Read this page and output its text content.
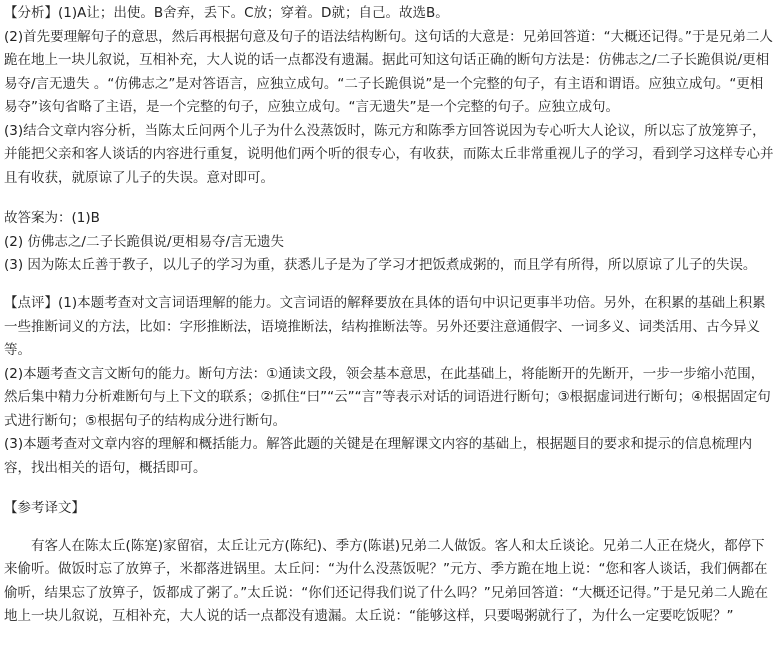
【分析】(1)A让；出使。B舍弃，丢下。C放；穿着。D就；自己。故选B。

(2)首先要理解句子的意思，然后再根据句意及句子的语法结构断句。这句话的大意是：兄弟回答道：“大概还记得。”于是兄弟二人跪在地上一块儿叙说，互相补充，大人说的话一点都没有遗漏。据此可知这句话正确的断句方法是：仿佛志之/二子长跪俱说/更相易夺/言无遗失 。“仿佛志之”是对答语言，应独立成句。“二子长跪俱说”是一个完整的句子，有主语和谓语。应独立成句。“更相易夺”该句省略了主语，是一个完整的句子，应独立成句。“言无遗失”是一个完整的句子。应独立成句。

(3)结合文章内容分析，当陈太丘问两个儿子为什么没蒸饭时，陈元方和陈季方回答说因为专心听大人论议，所以忘了放笼箅子，并能把父亲和客人谈话的内容进行重复，说明他们两个听的很专心，有收获，而陈太丘非常重视儿子的学习，看到学习这样专心并且有收获，就原谅了儿子的失误。意对即可。

故答案为：(1)B

(2) 仿佛志之/二子长跪俱说/更相易夺/言无遗失

(3) 因为陈太丘善于教子，以儿子的学习为重，获悉儿子是为了学习才把饭煮成粥的，而且学有所得，所以原谅了儿子的失误。

【点评】(1)本题考查对文言词语理解的能力。文言词语的解释要放在具体的语句中识记更事半功倍。另外，在积累的基础上积累一些推断词义的方法，比如：字形推断法，语境推断法，结构推断法等。另外还要注意通假字、一词多义、词类活用、古今异义等。

(2)本题考查文言文断句的能力。断句方法：①通读文段，领会基本意思，在此基础上，将能断开的先断开，一步一步缩小范围，然后集中精力分析难断句与上下文的联系；②抓住“曰”“云”“言”等表示对话的词语进行断句；③根据虚词进行断句；④根据固定句式进行断句；⑤根据句子的结构成分进行断句。

(3)本题考查对文章内容的理解和概括能力。解答此题的关键是在理解课文内容的基础上，根据题目的要求和提示的信息梳理内容，找出相关的语句，概括即可。

【参考译文】

有客人在陈太丘(陈寔)家留宿，太丘让元方(陈纪)、季方(陈谌)兄弟二人做饭。客人和太丘谈论。兄弟二人正在烧火，都停下来偷听。做饭时忘了放箅子，米都落进锅里。太丘问：“为什么没蒸饭呢？”元方、季方跪在地上说：“您和客人谈话，我们俩都在偷听，结果忘了放箅子，饭都成了粥了。”太丘说：“你们还记得我们说了什么吗？”兄弟回答道：“大概还记得。”于是兄弟二人跪在地上一块儿叙说，互相补充，大人说的话一点都没有遗漏。太丘说：“能够这样，只要喝粥就行了，为什么一定要吃饭呢？”
